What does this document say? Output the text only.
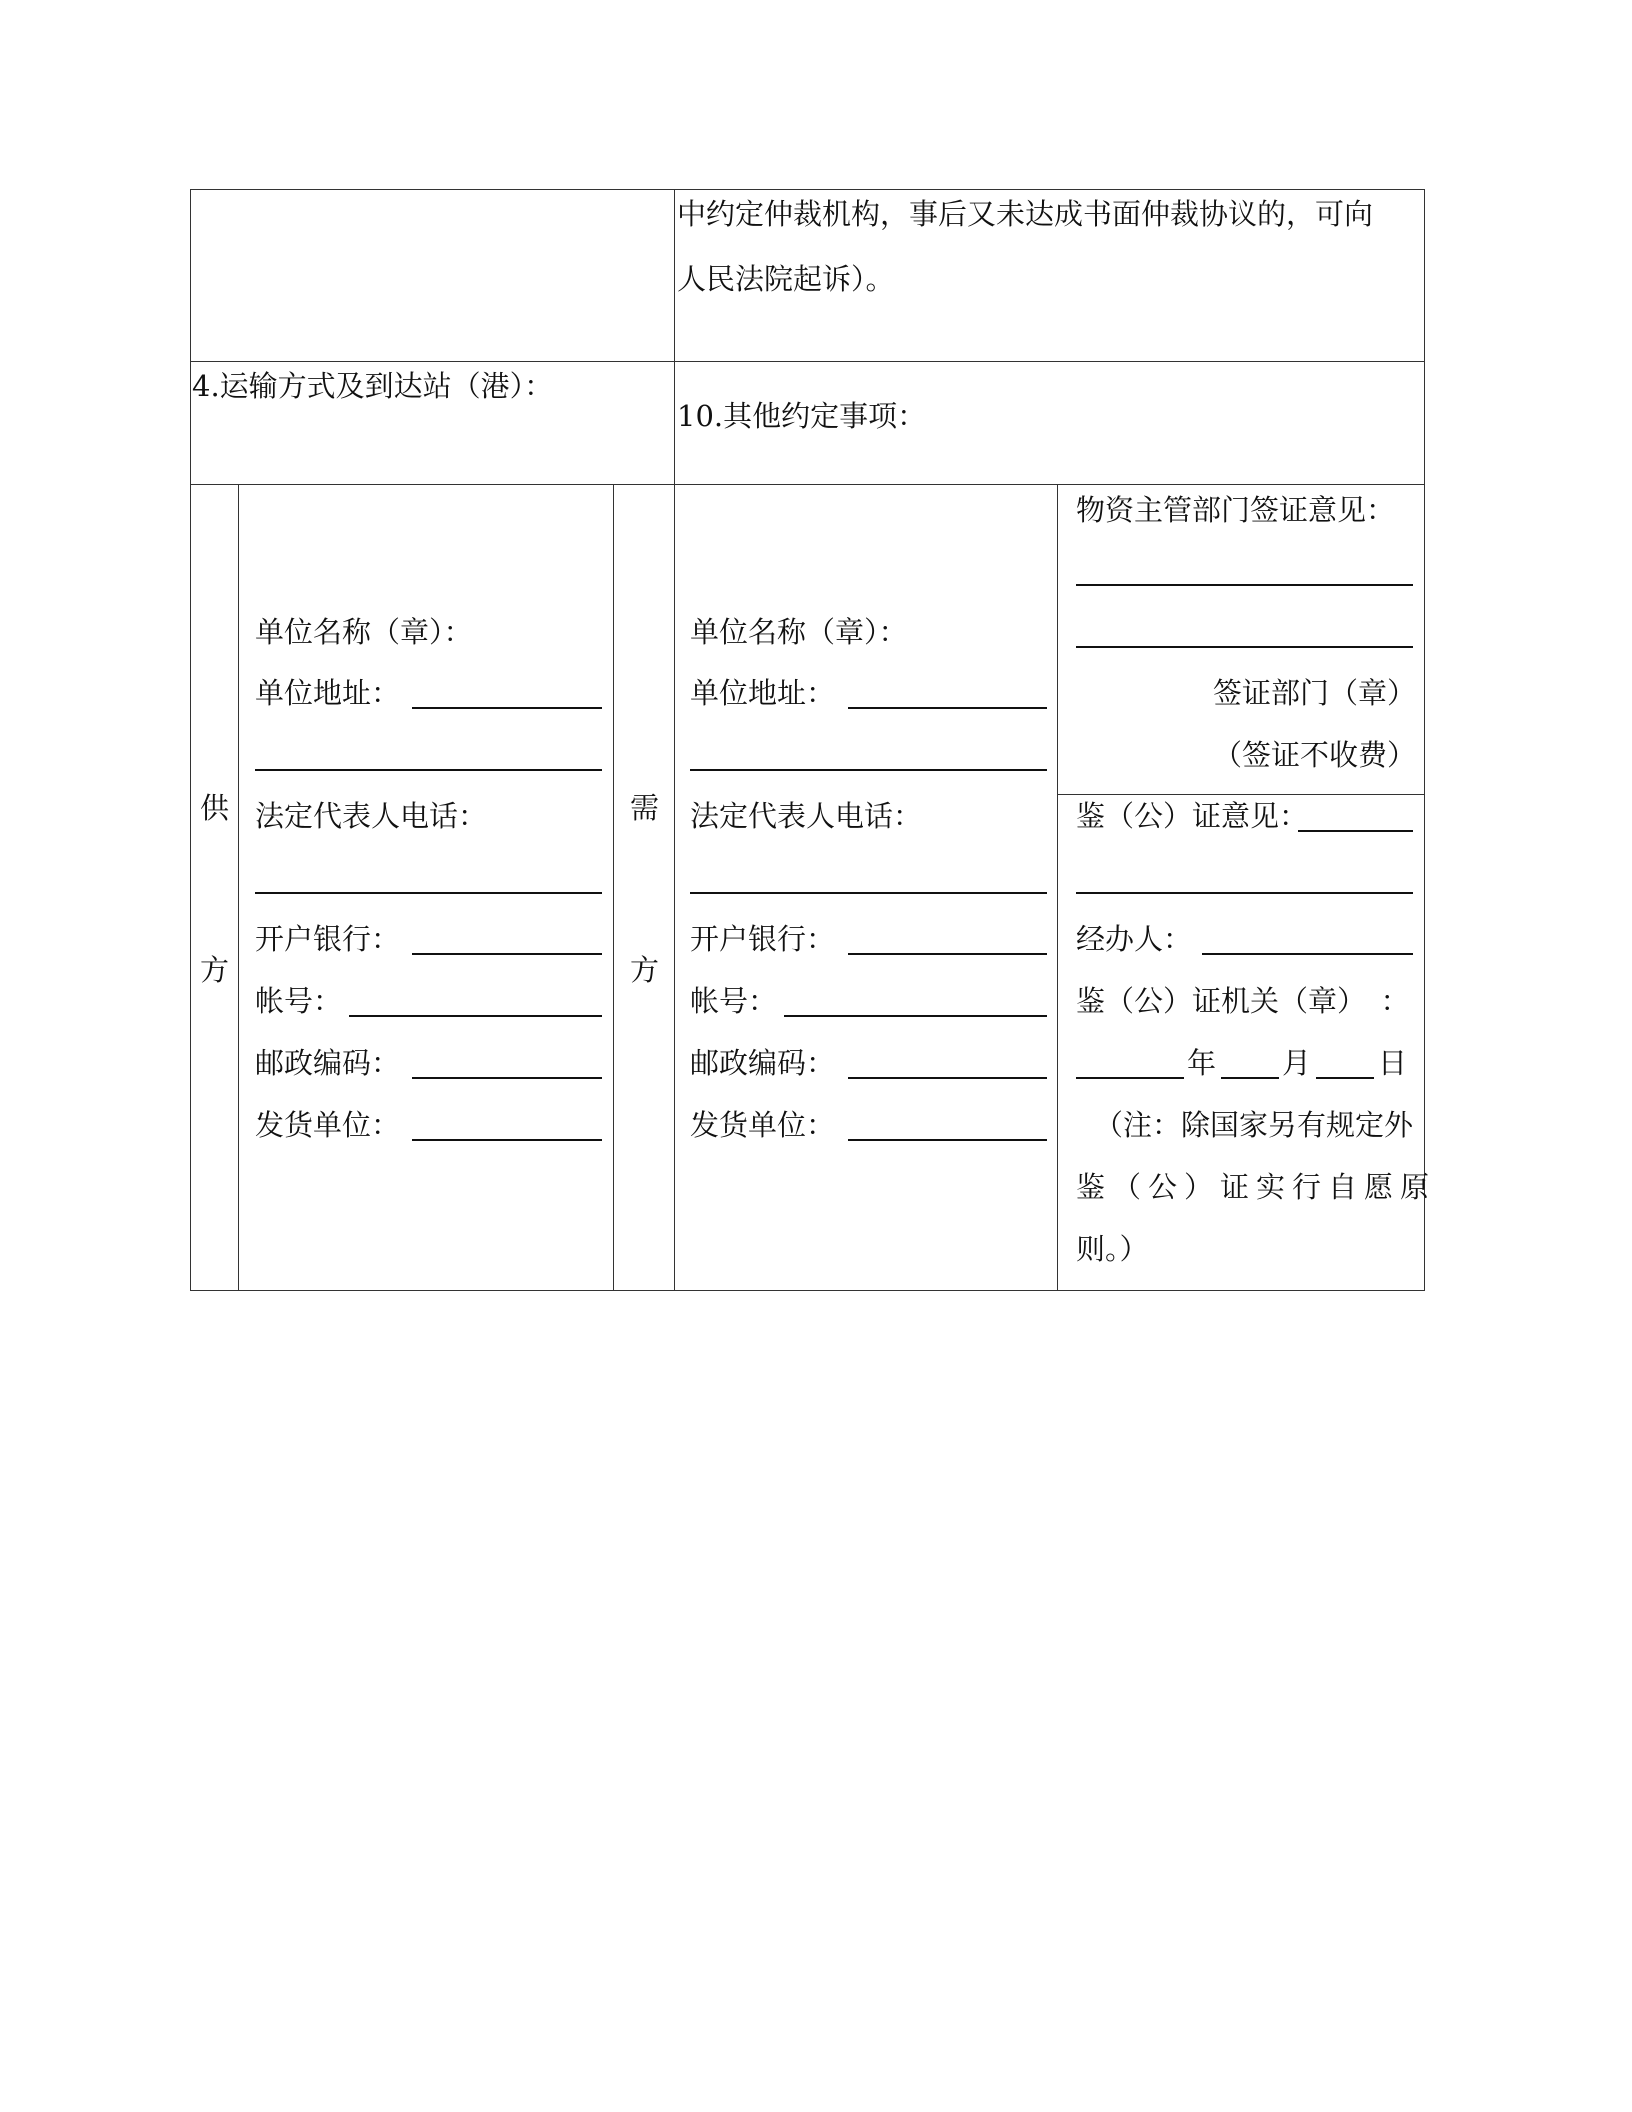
中约定仲裁机构，事后又未达成书面仲裁协议的，可向
人民法院起诉）。
4.运输方式及到达站（港）：
10.其他约定事项：
供
方
单位名称（章）：
单位地址：
法定代表人电话：
开户银行：
帐号：
邮政编码：
发货单位：
需
方
单位名称（章）：
单位地址：
法定代表人电话：
开户银行：
帐号：
邮政编码：
发货单位：
物资主管部门签证意见：
签证部门（章）
（签证不收费）
鉴（公）证意见：
经办人：
鉴（公）证机关（章）　：
年 月 日
（注：除国家另有规定外
鉴（公）证实行自愿原
则。）
